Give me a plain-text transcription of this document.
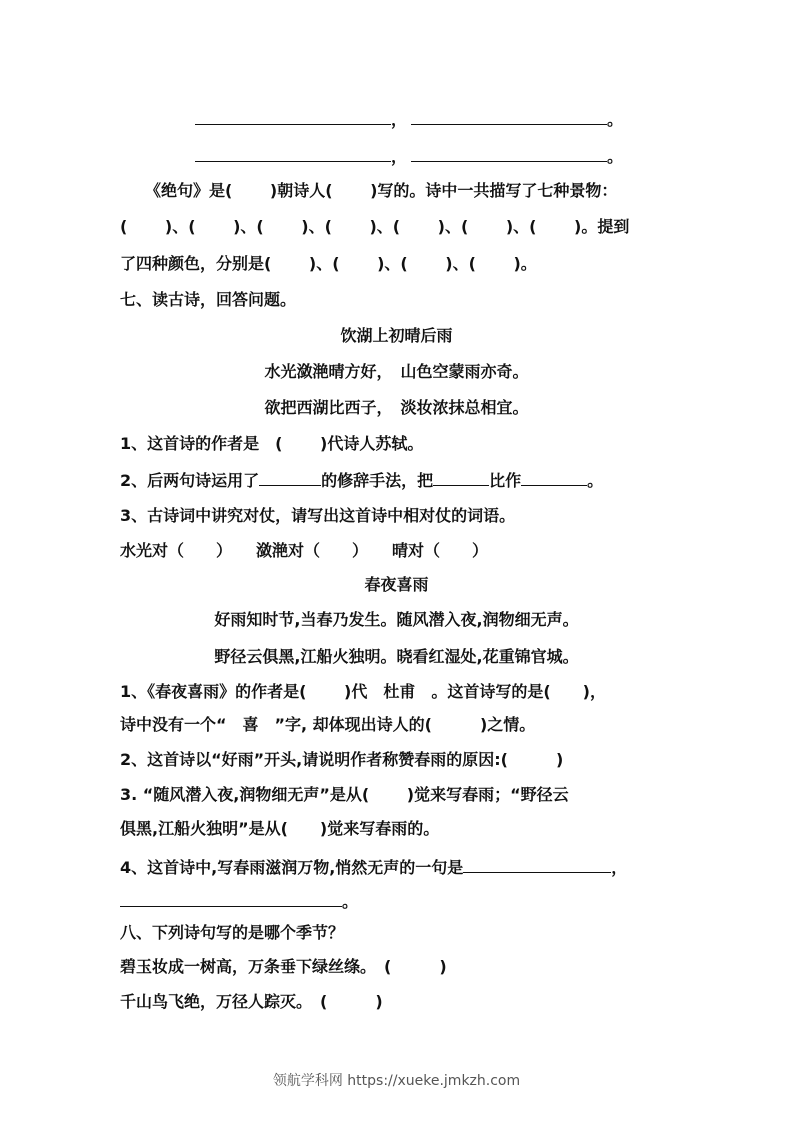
，	。
，	。
《绝句》是(　 　)朝诗人(　 　)写的。诗中一共描写了七种景物：
(　 　)、(　 　)、(　 　)、(　 　)、(　 　)、(　 　)、(　 　)。提到
了四种颜色，分别是(　 　)、(　 　)、(　 　)、(　 　)。
七、读古诗，回答问题。
饮湖上初晴后雨
水光潋滟晴方好，　山色空蒙雨亦奇。
欲把西湖比西子，　淡妆浓抹总相宜。
1、这首诗的作者是　(　 　)代诗人苏轼。
2、后两句诗运用了	的修辞手法，把	比作	。
3、古诗词中讲究对仗，请写出这首诗中相对仗的词语。
水光对（　　）　　潋滟对（　　）　　晴对（　　）
春夜喜雨
好雨知时节,当春乃发生。随风潜入夜,润物细无声。
野径云俱黑,江船火独明。晓看红湿处,花重锦官城。
1、《春夜喜雨》的作者是(　　 )代　杜甫　。这首诗写的是(　　)，
诗中没有一个“　喜　”字, 却体现出诗人的(　　　)之情。
2、这首诗以“好雨”开头,请说明作者称赞春雨的原因:(　　　)
3. “随风潜入夜,润物细无声”是从(　　 )觉来写春雨；“野径云
俱黑,江船火独明”是从(　　)觉来写春雨的。
4、这首诗中,写春雨滋润万物,悄然无声的一句是	，
。
八、下列诗句写的是哪个季节？
碧玉妆成一树高，万条垂下绿丝绦。　(　　　)
千山鸟飞绝，万径人踪灭。　(　　　)
领航学科网 https://xueke.jmkzh.com
